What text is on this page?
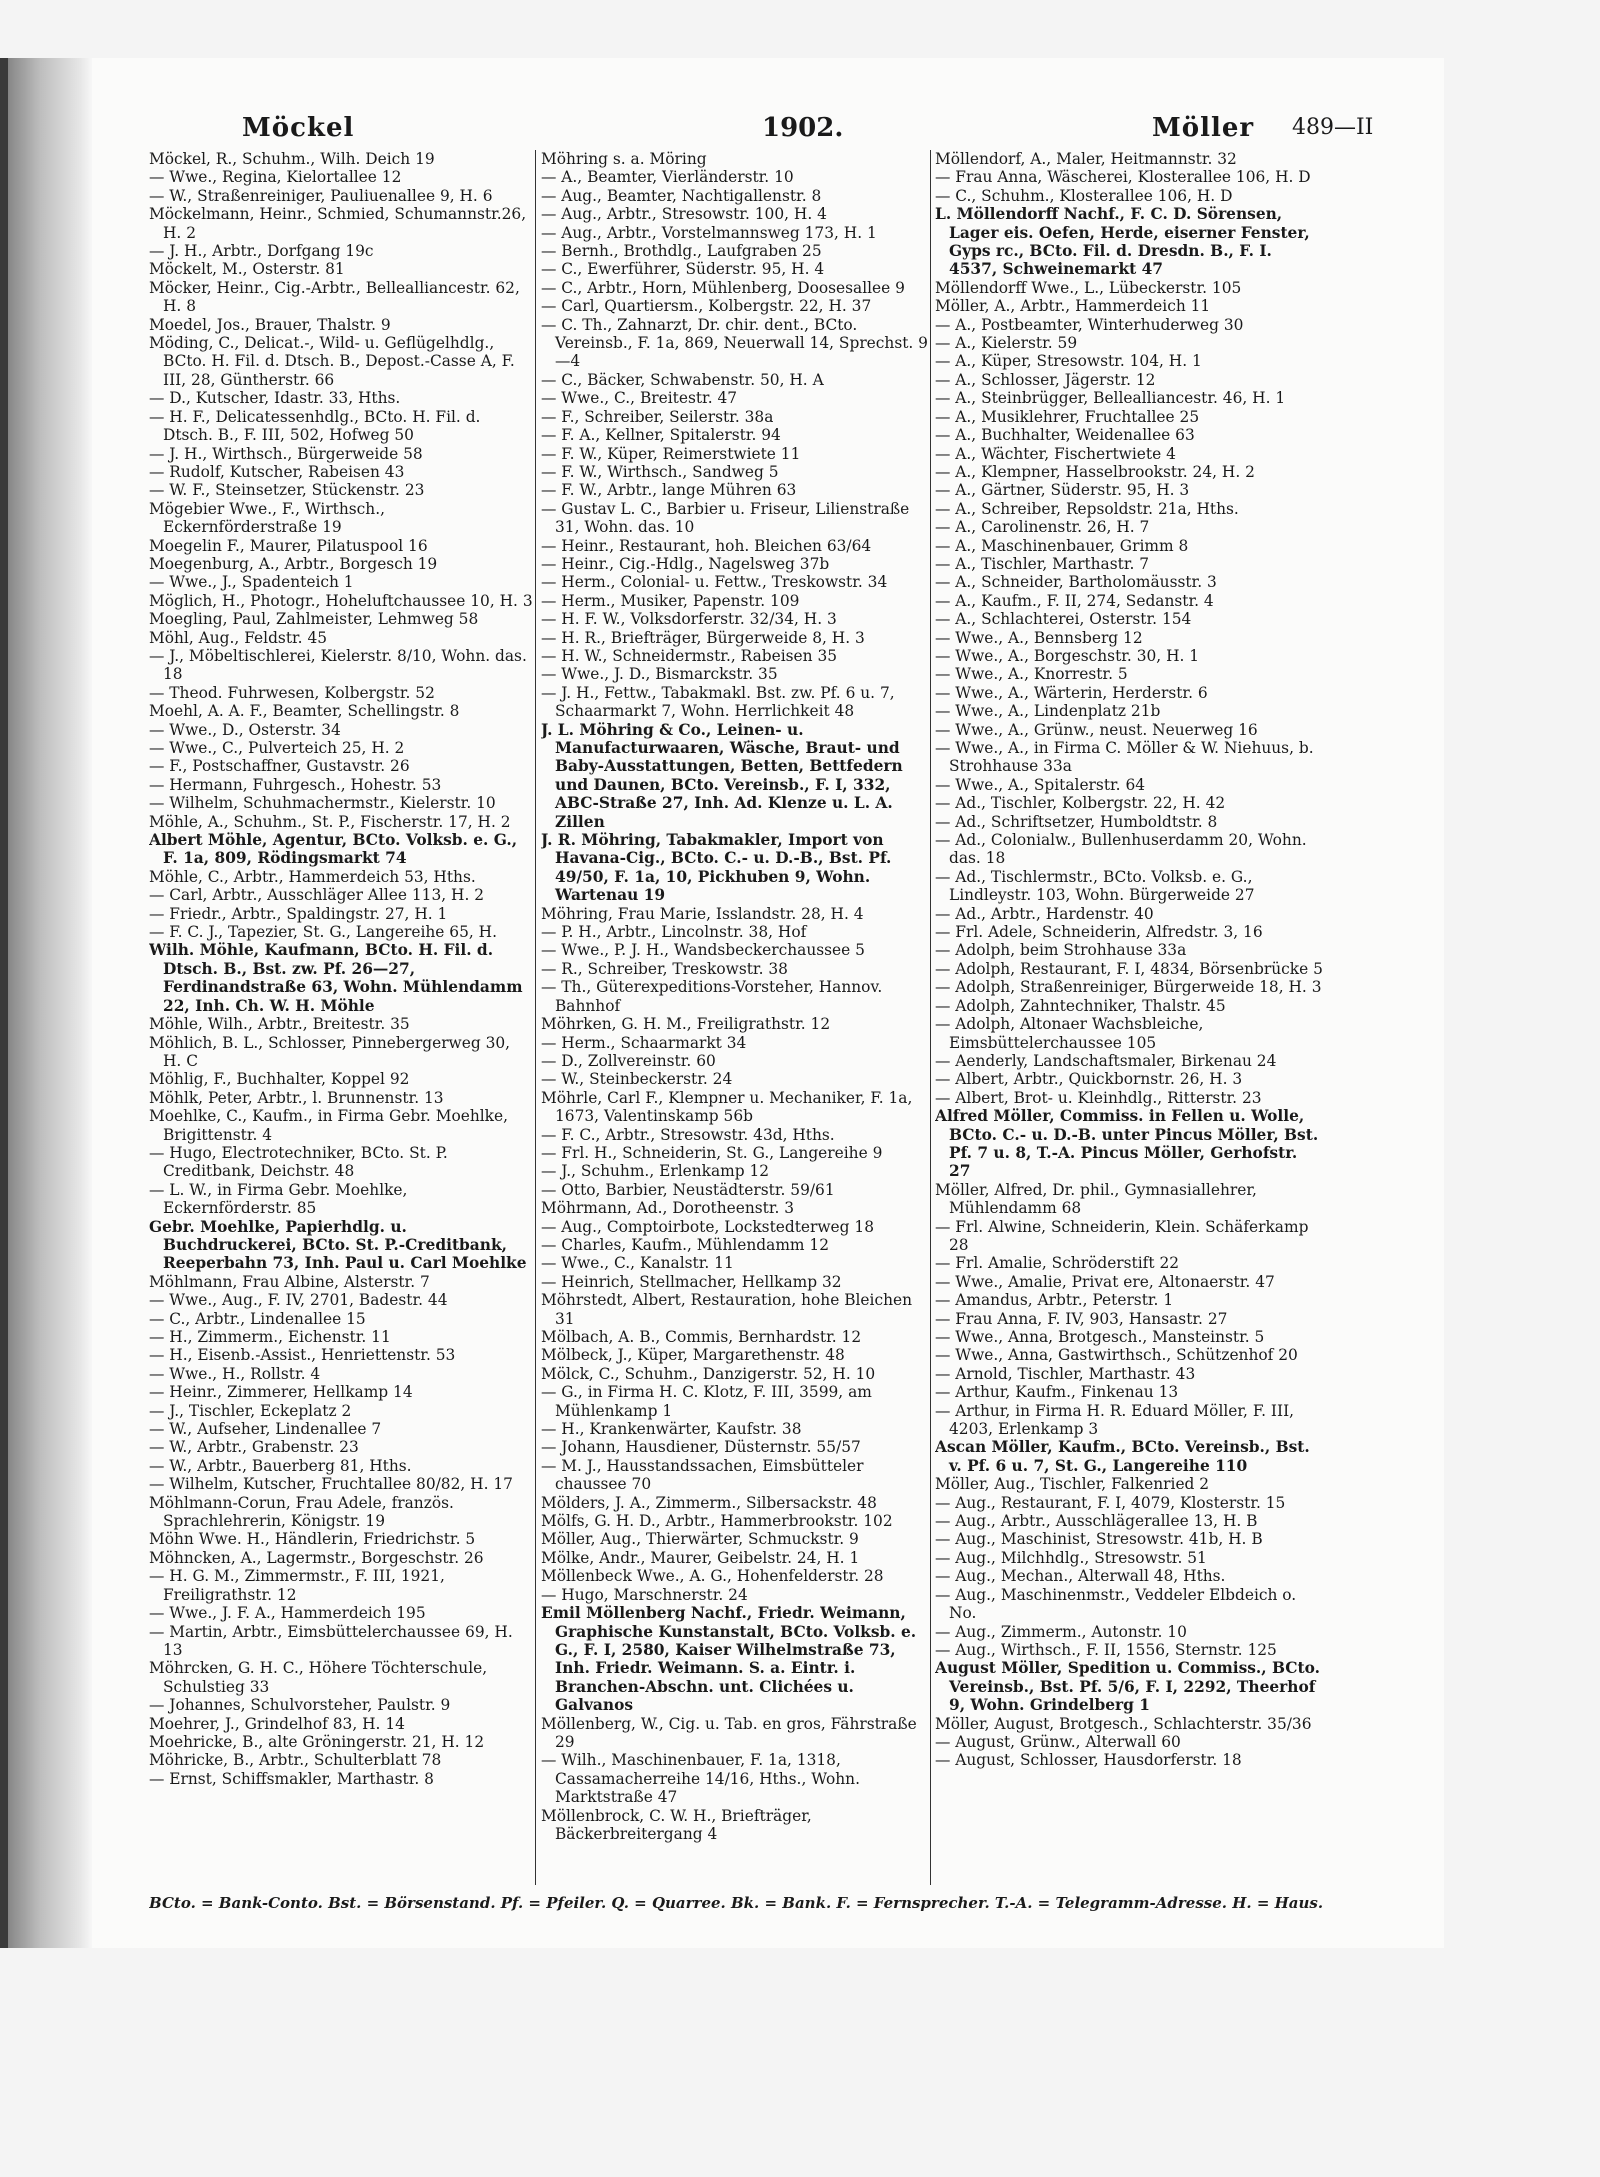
Möckel	1902.	Möller 489—II
Möckel, R., Schuhm., Wilh. Deich 19
— Wwe., Regina, Kielortallee 12
— W., Straßenreiniger, Pauliuenallee 9, H. 6
Möckelmann, Heinr., Schmied, Schumannstr.26, H. 2
— J. H., Arbtr., Dorfgang 19c
Möckelt, M., Osterstr. 81
Möcker, Heinr., Cig.-Arbtr., Bellealliancestr. 62, H. 8
Moedel, Jos., Brauer, Thalstr. 9
Möding, C., Delicat.-, Wild- u. Geflügelhdlg., BCto. H. Fil. d. Dtsch. B., Depost.-Casse A, F. III, 28, Güntherstr. 66
— D., Kutscher, Idastr. 33, Hths.
— H. F., Delicatessenhdlg., BCto. H. Fil. d. Dtsch. B., F. III, 502, Hofweg 50
— J. H., Wirthsch., Bürgerweide 58
— Rudolf, Kutscher, Rabeisen 43
— W. F., Steinsetzer, Stückenstr. 23
Mögebier Wwe., F., Wirthsch., Eckernförderstraße 19
Moegelin F., Maurer, Pilatuspool 16
Moegenburg, A., Arbtr., Borgesch 19
— Wwe., J., Spadenteich 1
Möglich, H., Photogr., Hoheluftchaussee 10, H. 3
Moegling, Paul, Zahlmeister, Lehmweg 58
Möhl, Aug., Feldstr. 45
— J., Möbeltischlerei, Kielerstr. 8/10, Wohn. das. 18
— Theod. Fuhrwesen, Kolbergstr. 52
Moehl, A. A. F., Beamter, Schellingstr. 8
— Wwe., D., Osterstr. 34
— Wwe., C., Pulverteich 25, H. 2
— F., Postschaffner, Gustavstr. 26
— Hermann, Fuhrgesch., Hohestr. 53
— Wilhelm, Schuhmachermstr., Kielerstr. 10
Möhle, A., Schuhm., St. P., Fischerstr. 17, H. 2
Albert Möhle, Agentur, BCto. Volksb. e. G., F. 1a, 809, Rödingsmarkt 74
Möhle, C., Arbtr., Hammerdeich 53, Hths.
— Carl, Arbtr., Ausschläger Allee 113, H. 2
— Friedr., Arbtr., Spaldingstr. 27, H. 1
— F. C. J., Tapezier, St. G., Langereihe 65, H.
Wilh. Möhle, Kaufmann, BCto. H. Fil. d. Dtsch. B., Bst. zw. Pf. 26—27, Ferdinandstraße 63, Wohn. Mühlendamm 22, Inh. Ch. W. H. Möhle
Möhle, Wilh., Arbtr., Breitestr. 35
Möhlich, B. L., Schlosser, Pinnebergerweg 30, H. C
Möhlig, F., Buchhalter, Koppel 92
Möhlk, Peter, Arbtr., l. Brunnenstr. 13
Moehlke, C., Kaufm., in Firma Gebr. Moehlke, Brigittenstr. 4
— Hugo, Electrotechniker, BCto. St. P. Creditbank, Deichstr. 48
— L. W., in Firma Gebr. Moehlke, Eckernförderstr. 85
Gebr. Moehlke, Papierhdlg. u. Buchdruckerei, BCto. St. P.-Creditbank, Reeperbahn 73, Inh. Paul u. Carl Moehlke
Möhlmann, Frau Albine, Alsterstr. 7
— Wwe., Aug., F. IV, 2701, Badestr. 44
— C., Arbtr., Lindenallee 15
— H., Zimmerm., Eichenstr. 11
— H., Eisenb.-Assist., Henriettenstr. 53
— Wwe., H., Rollstr. 4
— Heinr., Zimmerer, Hellkamp 14
— J., Tischler, Eckeplatz 2
— W., Aufseher, Lindenallee 7
— W., Arbtr., Grabenstr. 23
— W., Arbtr., Bauerberg 81, Hths.
— Wilhelm, Kutscher, Fruchtallee 80/82, H. 17
Möhlmann-Corun, Frau Adele, französ. Sprachlehrerin, Königstr. 19
Möhn Wwe. H., Händlerin, Friedrichstr. 5
Möhncken, A., Lagermstr., Borgeschstr. 26
— H. G. M., Zimmermstr., F. III, 1921, Freiligrathstr. 12
— Wwe., J. F. A., Hammerdeich 195
— Martin, Arbtr., Eimsbüttelerchaussee 69, H. 13
Möhrcken, G. H. C., Höhere Töchterschule, Schulstieg 33
— Johannes, Schulvorsteher, Paulstr. 9
Moehrer, J., Grindelhof 83, H. 14
Moehricke, B., alte Gröningerstr. 21, H. 12
Möhricke, B., Arbtr., Schulterblatt 78
— Ernst, Schiffsmakler, Marthastr. 8
Möhring s. a. Möring
— A., Beamter, Vierländerstr. 10
— Aug., Beamter, Nachtigallenstr. 8
— Aug., Arbtr., Stresowstr. 100, H. 4
— Aug., Arbtr., Vorstelmannsweg 173, H. 1
— Bernh., Brothdlg., Laufgraben 25
— C., Ewerführer, Süderstr. 95, H. 4
— C., Arbtr., Horn, Mühlenberg, Doosesallee 9
— Carl, Quartiersm., Kolbergstr. 22, H. 37
— C. Th., Zahnarzt, Dr. chir. dent., BCto. Vereinsb., F. 1a, 869, Neuerwall 14, Sprechst. 9—4
— C., Bäcker, Schwabenstr. 50, H. A
— Wwe., C., Breitestr. 47
— F., Schreiber, Seilerstr. 38a
— F. A., Kellner, Spitalerstr. 94
— F. W., Küper, Reimerstwiete 11
— F. W., Wirthsch., Sandweg 5
— F. W., Arbtr., lange Mühren 63
— Gustav L. C., Barbier u. Friseur, Lilienstraße 31, Wohn. das. 10
— Heinr., Restaurant, hoh. Bleichen 63/64
— Heinr., Cig.-Hdlg., Nagelsweg 37b
— Herm., Colonial- u. Fettw., Treskowstr. 34
— Herm., Musiker, Papenstr. 109
— H. F. W., Volksdorferstr. 32/34, H. 3
— H. R., Briefträger, Bürgerweide 8, H. 3
— H. W., Schneidermstr., Rabeisen 35
— Wwe., J. D., Bismarckstr. 35
— J. H., Fettw., Tabakmakl. Bst. zw. Pf. 6 u. 7, Schaarmarkt 7, Wohn. Herrlichkeit 48
J. L. Möhring & Co., Leinen- u. Manufacturwaaren, Wäsche, Braut- und Baby-Ausstattungen, Betten, Bettfedern und Daunen, BCto. Vereinsb., F. I, 332, ABC-Straße 27, Inh. Ad. Klenze u. L. A. Zillen
J. R. Möhring, Tabakmakler, Import von Havana-Cig., BCto. C.- u. D.-B., Bst. Pf. 49/50, F. 1a, 10, Pickhuben 9, Wohn. Wartenau 19
Möhring, Frau Marie, Isslandstr. 28, H. 4
— P. H., Arbtr., Lincolnstr. 38, Hof
— Wwe., P. J. H., Wandsbeckerchaussee 5
— R., Schreiber, Treskowstr. 38
— Th., Güterexpeditions-Vorsteher, Hannov. Bahnhof
Möhrken, G. H. M., Freiligrathstr. 12
— Herm., Schaarmarkt 34
— D., Zollvereinstr. 60
— W., Steinbeckerstr. 24
Möhrle, Carl F., Klempner u. Mechaniker, F. 1a, 1673, Valentinskamp 56b
— F. C., Arbtr., Stresowstr. 43d, Hths.
— Frl. H., Schneiderin, St. G., Langereihe 9
— J., Schuhm., Erlenkamp 12
— Otto, Barbier, Neustädterstr. 59/61
Möhrmann, Ad., Dorotheenstr. 3
— Aug., Comptoirbote, Lockstedterweg 18
— Charles, Kaufm., Mühlendamm 12
— Wwe., C., Kanalstr. 11
— Heinrich, Stellmacher, Hellkamp 32
Möhrstedt, Albert, Restauration, hohe Bleichen 31
Mölbach, A. B., Commis, Bernhardstr. 12
Mölbeck, J., Küper, Margarethenstr. 48
Mölck, C., Schuhm., Danzigerstr. 52, H. 10
— G., in Firma H. C. Klotz, F. III, 3599, am Mühlenkamp 1
— H., Krankenwärter, Kaufstr. 38
— Johann, Hausdiener, Düsternstr. 55/57
— M. J., Hausstandssachen, Eimsbütteler chaussee 70
Mölders, J. A., Zimmerm., Silbersackstr. 48
Mölfs, G. H. D., Arbtr., Hammerbrookstr. 102
Möller, Aug., Thierwärter, Schmuckstr. 9
Mölke, Andr., Maurer, Geibelstr. 24, H. 1
Möllenbeck Wwe., A. G., Hohenfelderstr. 28
— Hugo, Marschnerstr. 24
Emil Möllenberg Nachf., Friedr. Weimann, Graphische Kunstanstalt, BCto. Volksb. e. G., F. I, 2580, Kaiser Wilhelmstraße 73, Inh. Friedr. Weimann. S. a. Eintr. i. Branchen-Abschn. unt. Clichées u. Galvanos
Möllenberg, W., Cig. u. Tab. en gros, Fährstraße 29
— Wilh., Maschinenbauer, F. 1a, 1318, Cassamacherreihe 14/16, Hths., Wohn. Marktstraße 47
Möllenbrock, C. W. H., Briefträger, Bäckerbreitergang 4
Möllendorf, A., Maler, Heitmannstr. 32
— Frau Anna, Wäscherei, Klosterallee 106, H. D
— C., Schuhm., Klosterallee 106, H. D
L. Möllendorff Nachf., F. C. D. Sörensen, Lager eis. Oefen, Herde, eiserner Fenster, Gyps rc., BCto. Fil. d. Dresdn. B., F. I. 4537, Schweinemarkt 47
Möllendorff Wwe., L., Lübeckerstr. 105
Möller, A., Arbtr., Hammerdeich 11
— A., Postbeamter, Winterhuderweg 30
— A., Kielerstr. 59
— A., Küper, Stresowstr. 104, H. 1
— A., Schlosser, Jägerstr. 12
— A., Steinbrügger, Bellealliancestr. 46, H. 1
— A., Musiklehrer, Fruchtallee 25
— A., Buchhalter, Weidenallee 63
— A., Wächter, Fischertwiete 4
— A., Klempner, Hasselbrookstr. 24, H. 2
— A., Gärtner, Süderstr. 95, H. 3
— A., Schreiber, Repsoldstr. 21a, Hths.
— A., Carolinenstr. 26, H. 7
— A., Maschinenbauer, Grimm 8
— A., Tischler, Marthastr. 7
— A., Schneider, Bartholomäusstr. 3
— A., Kaufm., F. II, 274, Sedanstr. 4
— A., Schlachterei, Osterstr. 154
— Wwe., A., Bennsberg 12
— Wwe., A., Borgeschstr. 30, H. 1
— Wwe., A., Knorrestr. 5
— Wwe., A., Wärterin, Herderstr. 6
— Wwe., A., Lindenplatz 21b
— Wwe., A., Grünw., neust. Neuerweg 16
— Wwe., A., in Firma C. Möller & W. Niehuus, b. Strohhause 33a
— Wwe., A., Spitalerstr. 64
— Ad., Tischler, Kolbergstr. 22, H. 42
— Ad., Schriftsetzer, Humboldtstr. 8
— Ad., Colonialw., Bullenhuserdamm 20, Wohn. das. 18
— Ad., Tischlermstr., BCto. Volksb. e. G., Lindleystr. 103, Wohn. Bürgerweide 27
— Ad., Arbtr., Hardenstr. 40
— Frl. Adele, Schneiderin, Alfredstr. 3, 16
— Adolph, beim Strohhause 33a
— Adolph, Restaurant, F. I, 4834, Börsenbrücke 5
— Adolph, Straßenreiniger, Bürgerweide 18, H. 3
— Adolph, Zahntechniker, Thalstr. 45
— Adolph, Altonaer Wachsbleiche, Eimsbüttelerchaussee 105
— Aenderly, Landschaftsmaler, Birkenau 24
— Albert, Arbtr., Quickbornstr. 26, H. 3
— Albert, Brot- u. Kleinhdlg., Ritterstr. 23
Alfred Möller, Commiss. in Fellen u. Wolle, BCto. C.- u. D.-B. unter Pincus Möller, Bst. Pf. 7 u. 8, T.-A. Pincus Möller, Gerhofstr. 27
Möller, Alfred, Dr. phil., Gymnasiallehrer, Mühlendamm 68
— Frl. Alwine, Schneiderin, Klein. Schäferkamp 28
— Frl. Amalie, Schröderstift 22
— Wwe., Amalie, Privat ere, Altonaerstr. 47
— Amandus, Arbtr., Peterstr. 1
— Frau Anna, F. IV, 903, Hansastr. 27
— Wwe., Anna, Brotgesch., Mansteinstr. 5
— Wwe., Anna, Gastwirthsch., Schützenhof 20
— Arnold, Tischler, Marthastr. 43
— Arthur, Kaufm., Finkenau 13
— Arthur, in Firma H. R. Eduard Möller, F. III, 4203, Erlenkamp 3
Ascan Möller, Kaufm., BCto. Vereinsb., Bst. v. Pf. 6 u. 7, St. G., Langereihe 110
Möller, Aug., Tischler, Falkenried 2
— Aug., Restaurant, F. I, 4079, Klosterstr. 15
— Aug., Arbtr., Ausschlägerallee 13, H. B
— Aug., Maschinist, Stresowstr. 41b, H. B
— Aug., Milchhdlg., Stresowstr. 51
— Aug., Mechan., Alterwall 48, Hths.
— Aug., Maschinenmstr., Veddeler Elbdeich o. No.
— Aug., Zimmerm., Autonstr. 10
— Aug., Wirthsch., F. II, 1556, Sternstr. 125
August Möller, Spedition u. Commiss., BCto. Vereinsb., Bst. Pf. 5/6, F. I, 2292, Theerhof 9, Wohn. Grindelberg 1
Möller, August, Brotgesch., Schlachterstr. 35/36
— August, Grünw., Alterwall 60
— August, Schlosser, Hausdorferstr. 18
BCto. = Bank-Conto. Bst. = Börsenstand. Pf. = Pfeiler. Q. = Quarree. Bk. = Bank. F. = Fernsprecher. T.-A. = Telegramm-Adresse. H. = Haus.
